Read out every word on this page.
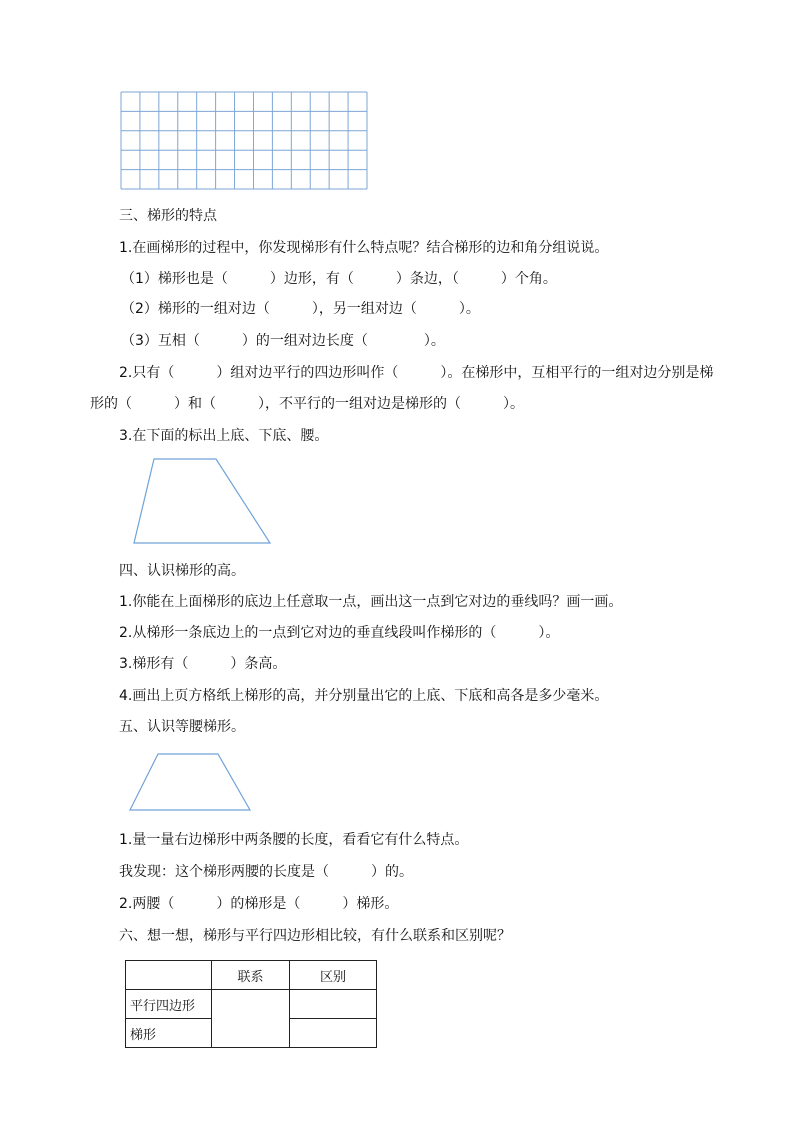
三、梯形的特点
1.在画梯形的过程中，你发现梯形有什么特点呢？结合梯形的边和角分组说说。
（1）梯形也是（　　　）边形，有（　　　）条边，（　　　）个角。
（2）梯形的一组对边（　　　），另一组对边（　　　）。
（3）互相（　　　）的一组对边长度（　　　　）。
2.只有（　　　）组对边平行的四边形叫作（　　　）。在梯形中，互相平行的一组对边分别是梯
形的（　　　）和（　　　），不平行的一组对边是梯形的（　　　）。
3.在下面的标出上底、下底、腰。
四、认识梯形的高。
1.你能在上面梯形的底边上任意取一点，画出这一点到它对边的垂线吗？画一画。
2.从梯形一条底边上的一点到它对边的垂直线段叫作梯形的（　　　）。
3.梯形有（　　　）条高。
4.画出上页方格纸上梯形的高，并分别量出它的上底、下底和高各是多少毫米。
五、认识等腰梯形。
1.量一量右边梯形中两条腰的长度，看看它有什么特点。
我发现：这个梯形两腰的长度是（　　　）的。
2.两腰（　　　）的梯形是（　　　）梯形。
六、想一想，梯形与平行四边形相比较，有什么联系和区别呢？
	联系	区别
平行四边形		
梯形		
